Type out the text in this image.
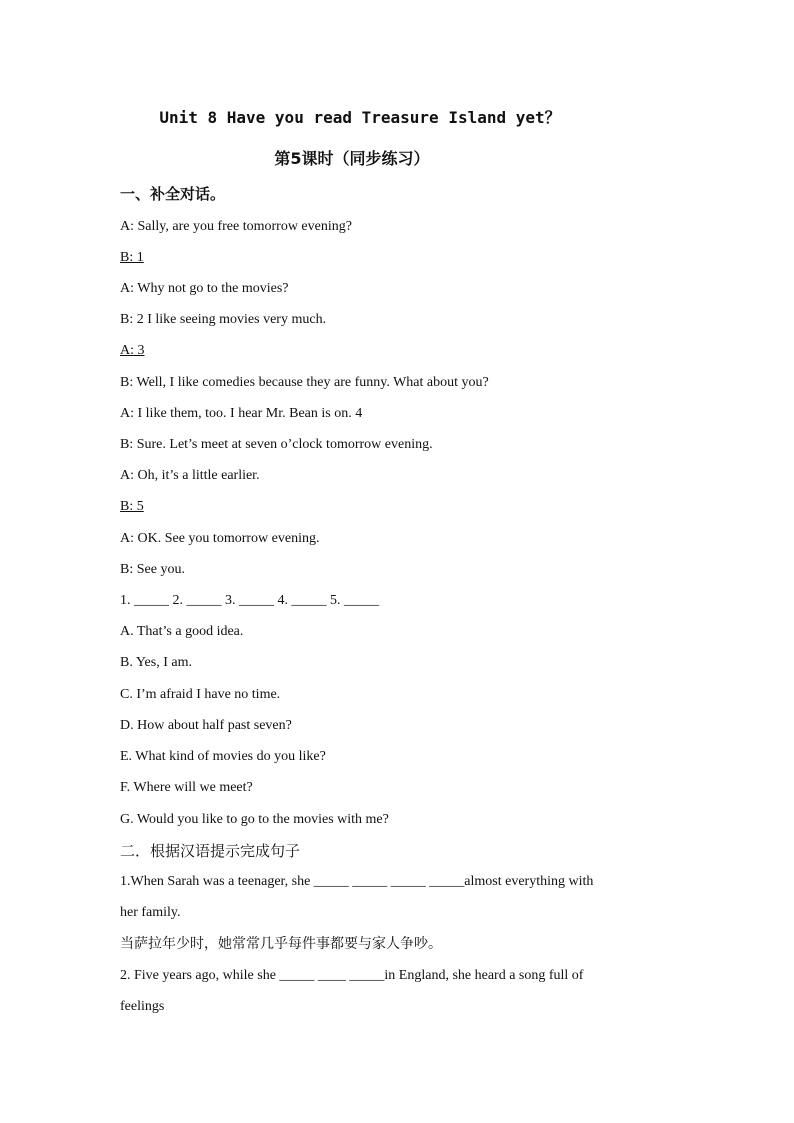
Unit 8 Have you read Treasure Island yet？
第5课时（同步练习）
一、补全对话。
A: Sally, are you free tomorrow evening?
B: 1
A: Why not go to the movies?
B: 2 I like seeing movies very much.
A: 3
B: Well, I like comedies because they are funny. What about you?
A: I like them, too. I hear Mr. Bean is on. 4
B: Sure. Let’s meet at seven o’clock tomorrow evening.
A: Oh, it’s a little earlier.
B: 5
A: OK. See you tomorrow evening.
B: See you.
1. _____ 2. _____ 3. _____ 4. _____ 5. _____
A. That’s a good idea.
B. Yes, I am.
C. I’m afraid I have no time.
D. How about half past seven?
E. What kind of movies do you like?
F. Where will we meet?
G. Would you like to go to the movies with me?
二．根据汉语提示完成句子
1.When Sarah was a teenager, she _____ _____ _____ _____almost everything with
her family.
当萨拉年少时，她常常几乎每件事都要与家人争吵。
2. Five years ago, while she _____ ____ _____in England, she heard a song full of
feelings
